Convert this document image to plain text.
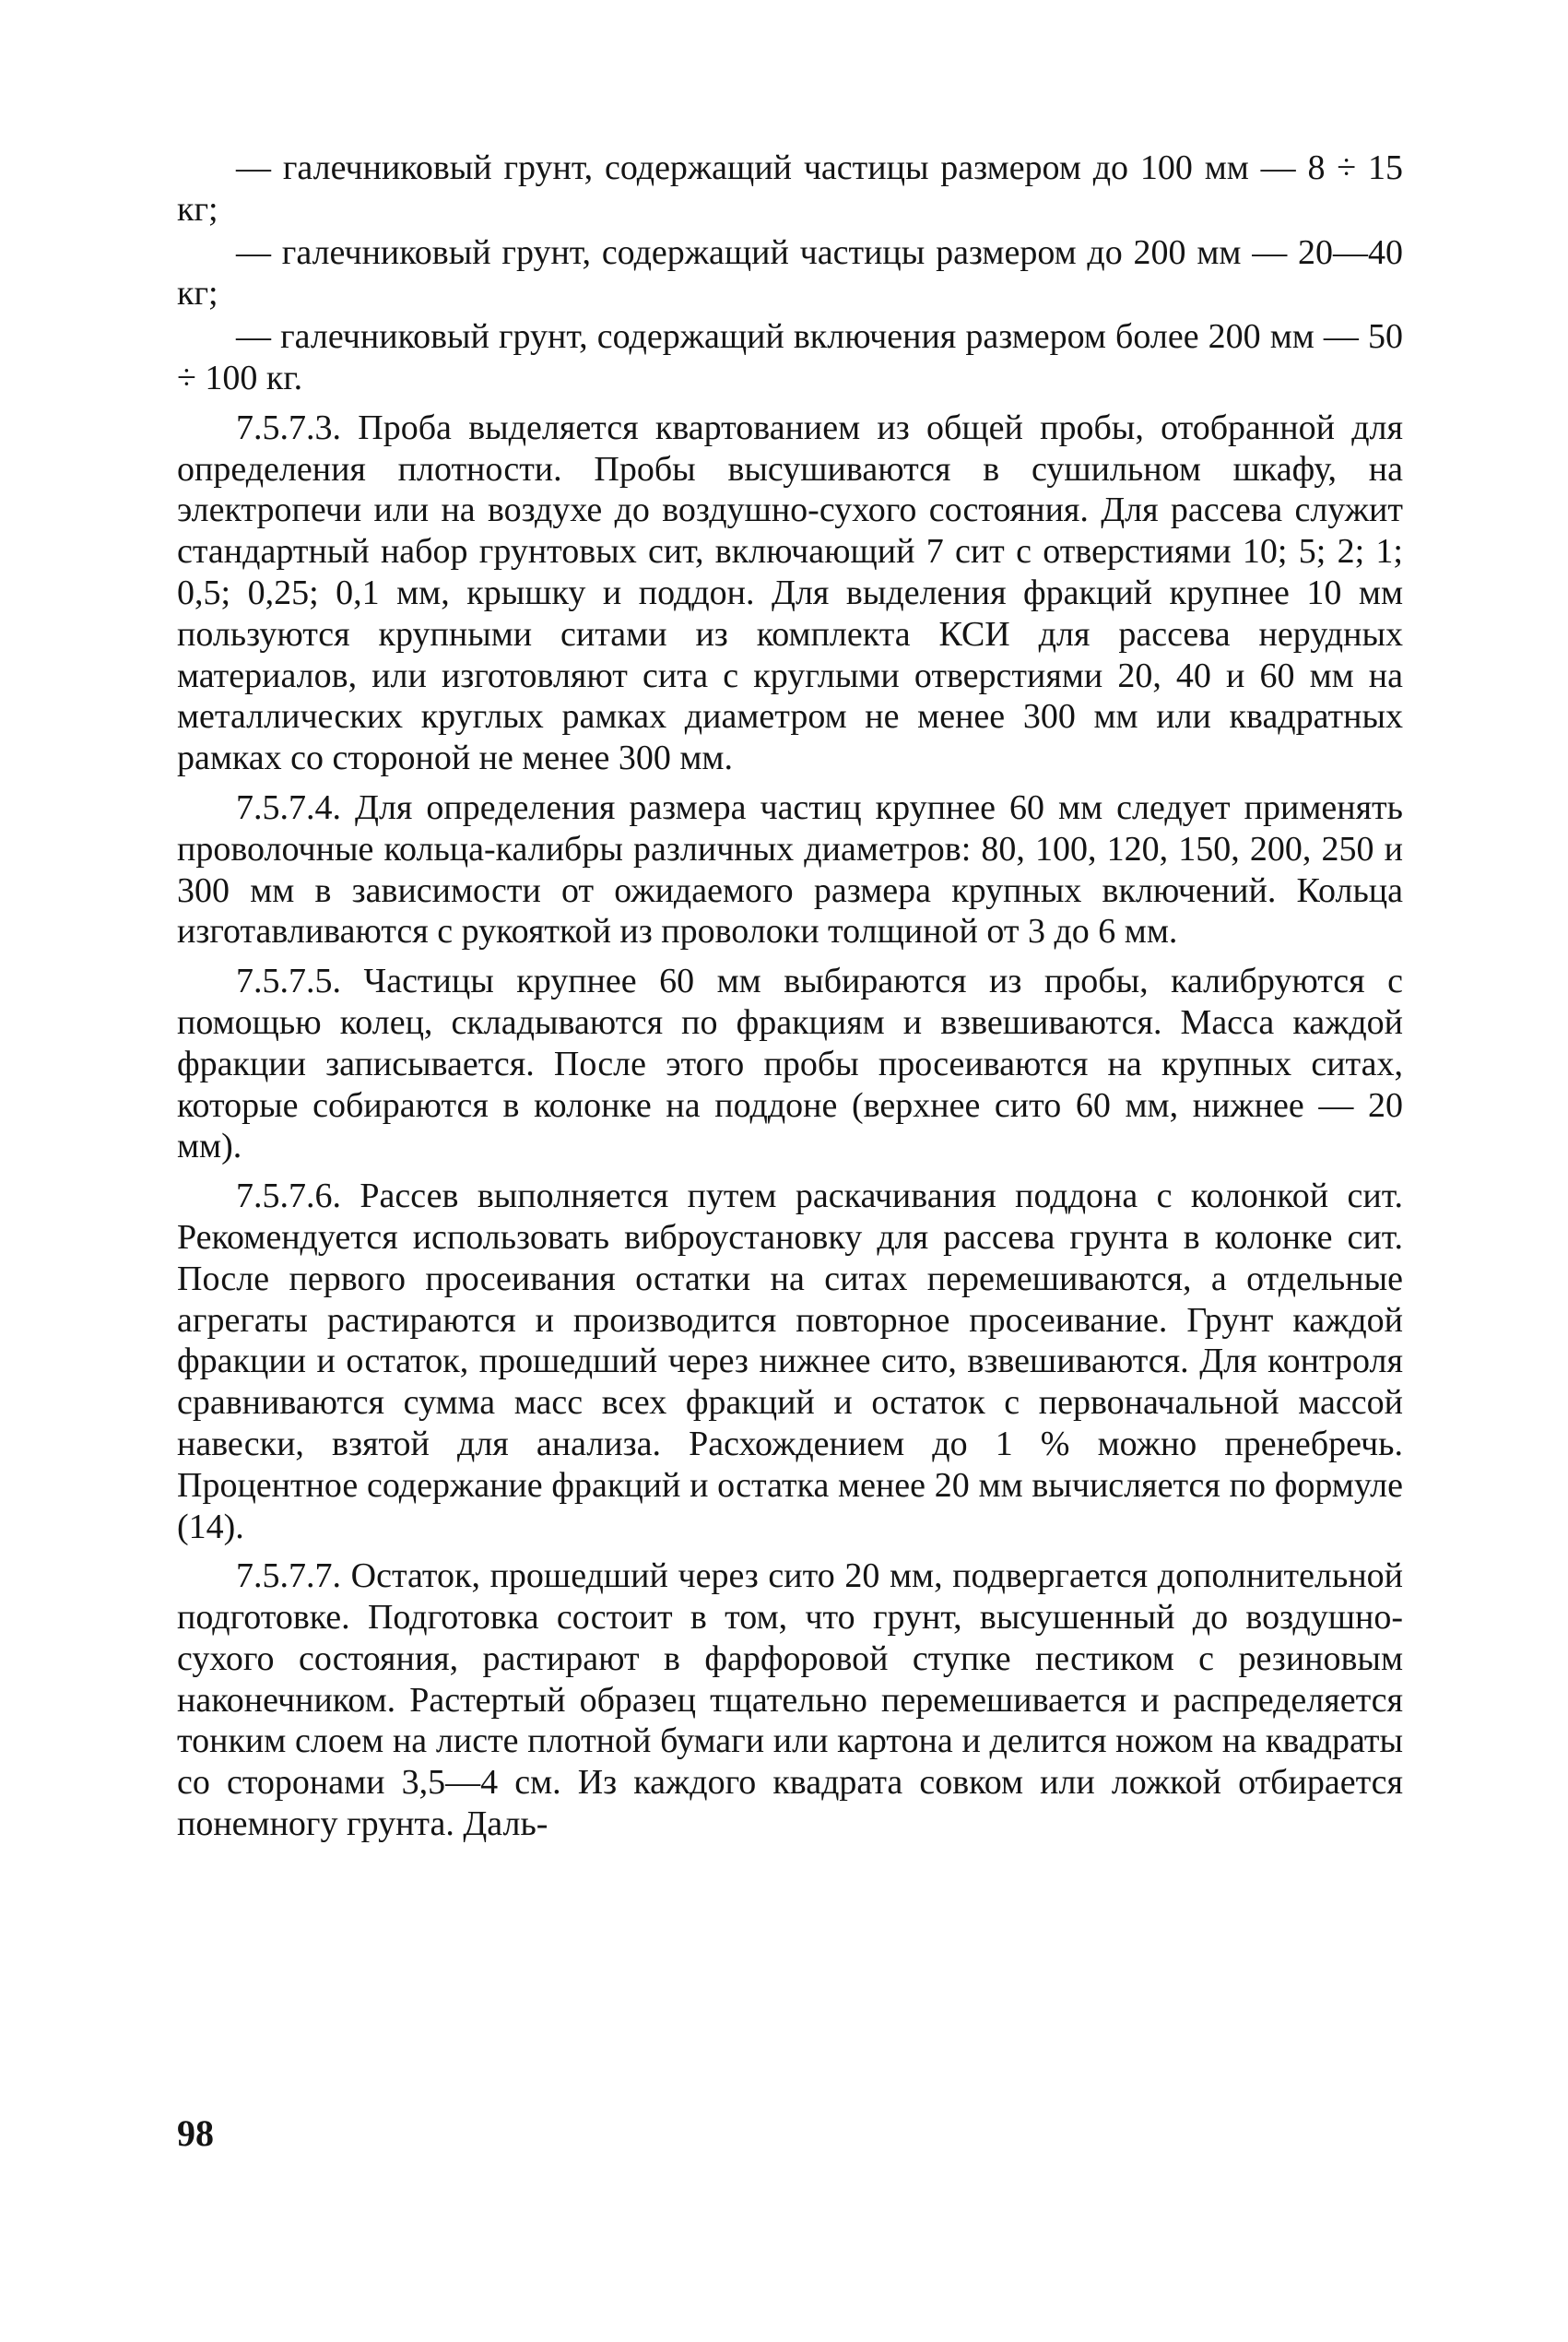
— галечниковый грунт, содержащий частицы размером до 100 мм — 8 ÷ 15 кг;

— галечниковый грунт, содержащий частицы размером до 200 мм — 20—40 кг;

— галечниковый грунт, содержащий включения размером более 200 мм — 50 ÷ 100 кг.

7.5.7.3. Проба выделяется квартованием из общей пробы, отобранной для определения плотности. Пробы высушиваются в сушильном шкафу, на электропечи или на воздухе до воздушно-сухого состояния. Для рассева служит стандартный набор грунтовых сит, включающий 7 сит с отверстиями 10; 5; 2; 1; 0,5; 0,25; 0,1 мм, крышку и поддон. Для выделения фракций крупнее 10 мм пользуются крупными ситами из комплекта КСИ для рассева нерудных материалов, или изготовляют сита с круглыми отверстиями 20, 40 и 60 мм на металлических круглых рамках диаметром не менее 300 мм или квадратных рамках со стороной не менее 300 мм.

7.5.7.4. Для определения размера частиц крупнее 60 мм следует применять проволочные кольца-калибры различных диаметров: 80, 100, 120, 150, 200, 250 и 300 мм в зависимости от ожидаемого размера крупных включений. Кольца изготавливаются с рукояткой из проволоки толщиной от 3 до 6 мм.

7.5.7.5. Частицы крупнее 60 мм выбираются из пробы, калибруются с помощью колец, складываются по фракциям и взвешиваются. Масса каждой фракции записывается. После этого пробы просеиваются на крупных ситах, которые собираются в колонке на поддоне (верхнее сито 60 мм, нижнее — 20 мм).

7.5.7.6. Рассев выполняется путем раскачивания поддона с колонкой сит. Рекомендуется использовать виброустановку для рассева грунта в колонке сит. После первого просеивания остатки на ситах перемешиваются, а отдельные агрегаты растираются и производится повторное просеивание. Грунт каждой фракции и остаток, прошедший через нижнее сито, взвешиваются. Для контроля сравниваются сумма масс всех фракций и остаток с первоначальной массой навески, взятой для анализа. Расхождением до 1 % можно пренебречь. Процентное содержание фракций и остатка менее 20 мм вычисляется по формуле (14).

7.5.7.7. Остаток, прошедший через сито 20 мм, подвергается дополнительной подготовке. Подготовка состоит в том, что грунт, высушенный до воздушно-сухого состояния, растирают в фарфоровой ступке пестиком с резиновым наконечником. Растертый образец тщательно перемешивается и распределяется тонким слоем на листе плотной бумаги или картона и делится ножом на квадраты со сторонами 3,5—4 см. Из каждого квадрата совком или ложкой отбирается понемногу грунта. Даль-

98
